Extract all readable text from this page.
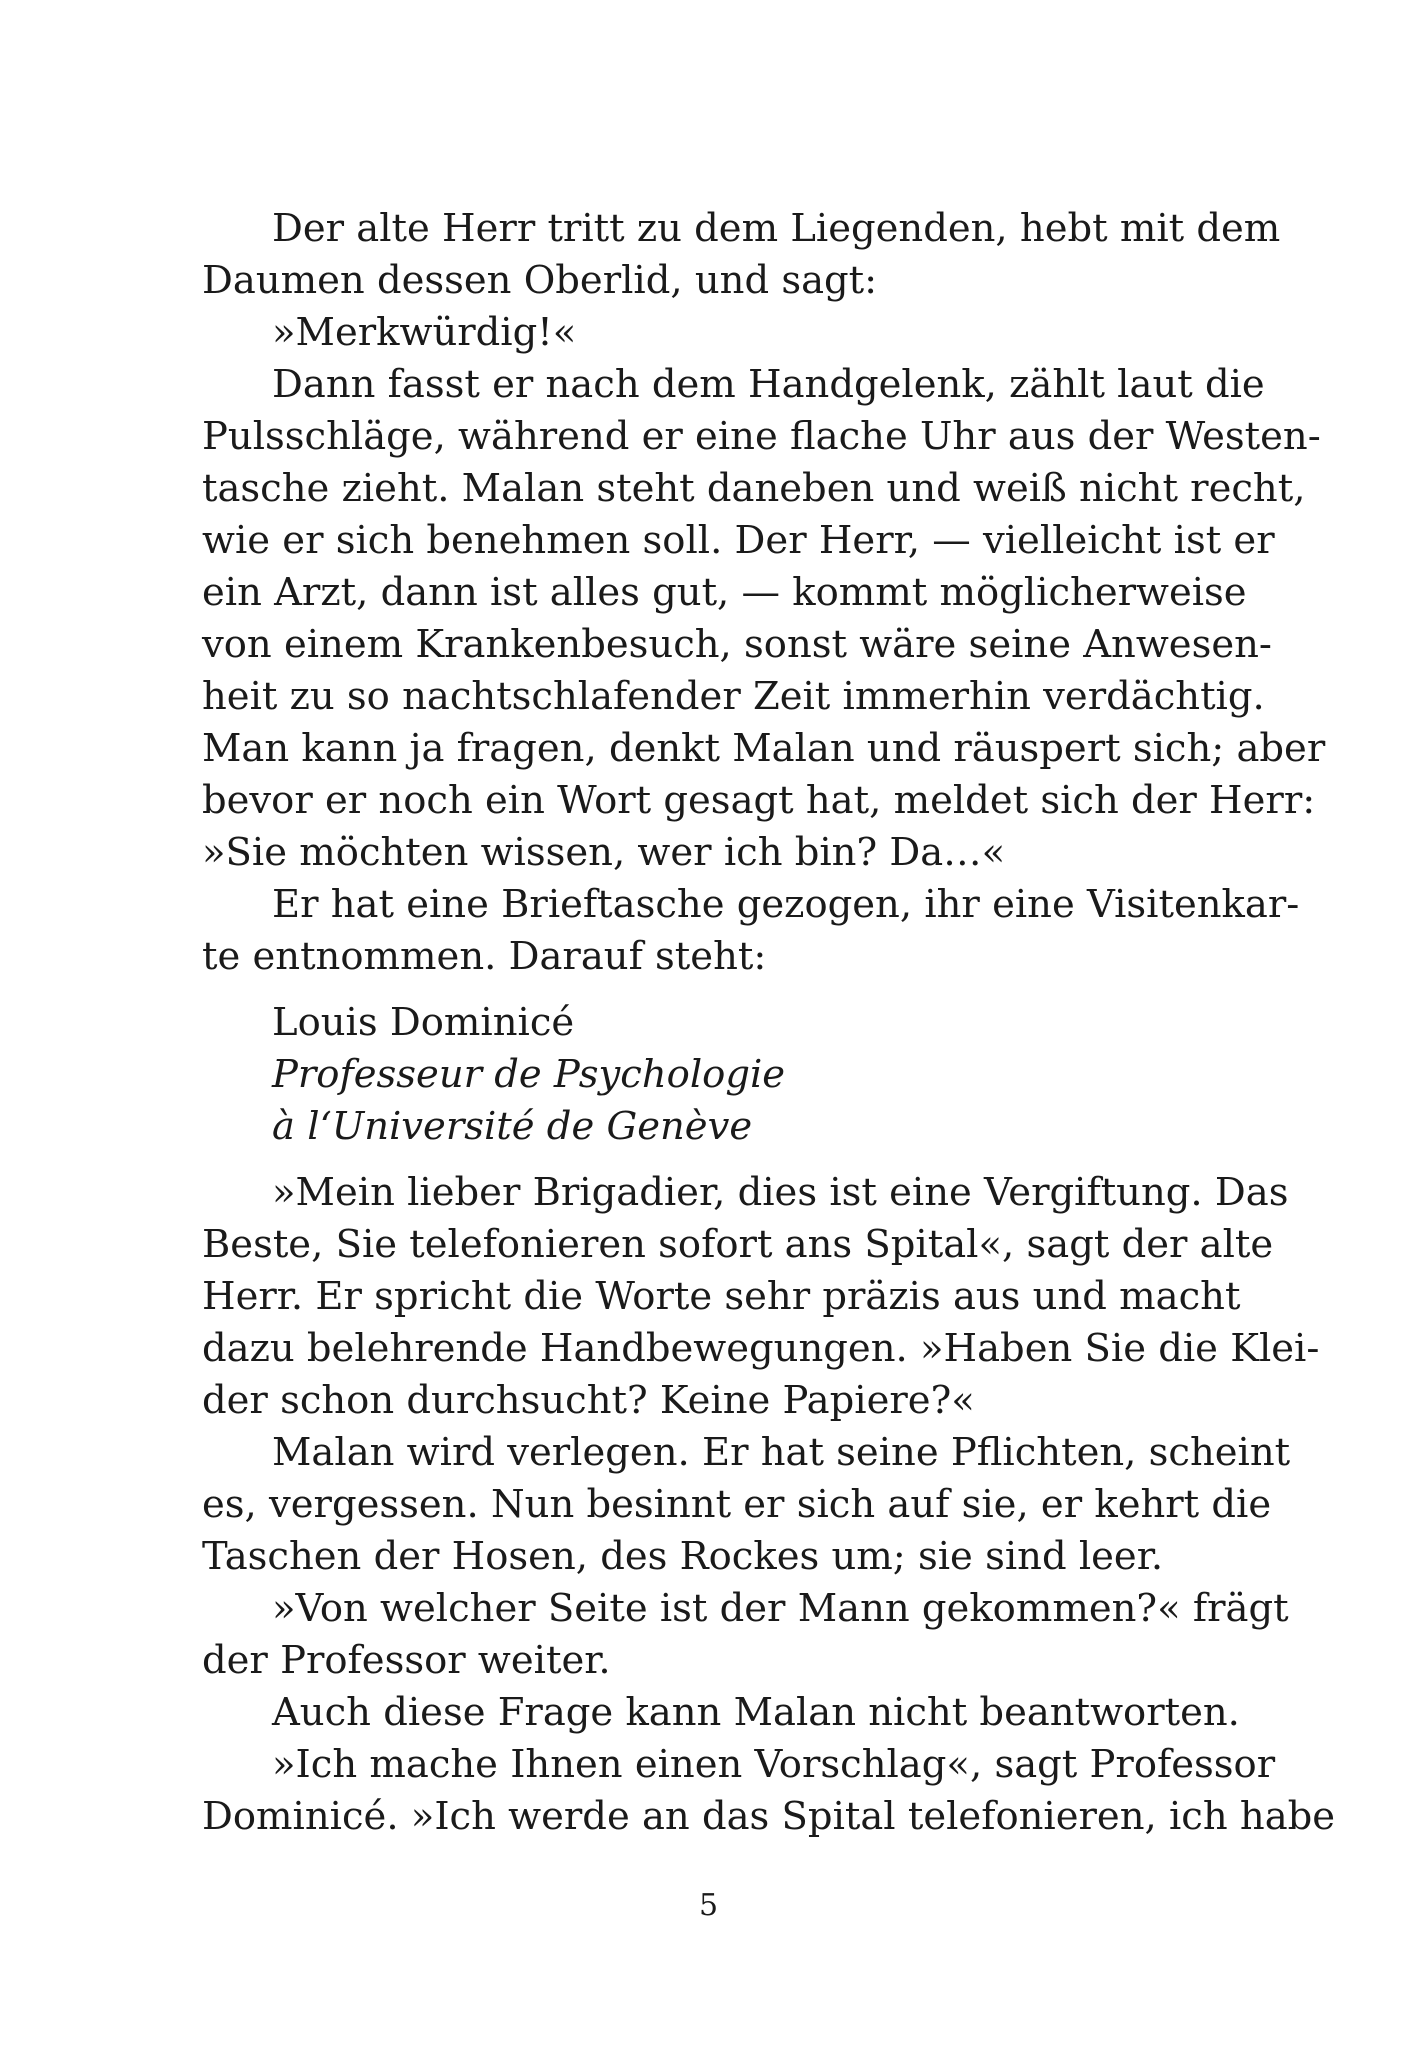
Der alte Herr tritt zu dem Liegenden, hebt mit dem
Daumen dessen Oberlid, und sagt:
»Merkwürdig!«
Dann fasst er nach dem Handgelenk, zählt laut die
Pulsschläge, während er eine flache Uhr aus der Westen-
tasche zieht. Malan steht daneben und weiß nicht recht,
wie er sich benehmen soll. Der Herr, — vielleicht ist er
ein Arzt, dann ist alles gut, — kommt möglicherweise
von einem Krankenbesuch, sonst wäre seine Anwesen-
heit zu so nachtschlafender Zeit immerhin verdächtig.
Man kann ja fragen, denkt Malan und räuspert sich; aber
bevor er noch ein Wort gesagt hat, meldet sich der Herr:
»Sie möchten wissen, wer ich bin? Da…«
Er hat eine Brieftasche gezogen, ihr eine Visitenkar-
te entnommen. Darauf steht:
Louis Dominicé
Professeur de Psychologie
à l‘Université de Genève
»Mein lieber Brigadier, dies ist eine Vergiftung. Das
Beste, Sie telefonieren sofort ans Spital«, sagt der alte
Herr. Er spricht die Worte sehr präzis aus und macht
dazu belehrende Handbewegungen. »Haben Sie die Klei-
der schon durchsucht? Keine Papiere?«
Malan wird verlegen. Er hat seine Pflichten, scheint
es, vergessen. Nun besinnt er sich auf sie, er kehrt die
Taschen der Hosen, des Rockes um; sie sind leer.
»Von welcher Seite ist der Mann gekommen?« frägt
der Professor weiter.
Auch diese Frage kann Malan nicht beantworten.
»Ich mache Ihnen einen Vorschlag«, sagt Professor
Dominicé. »Ich werde an das Spital telefonieren, ich habe
5
